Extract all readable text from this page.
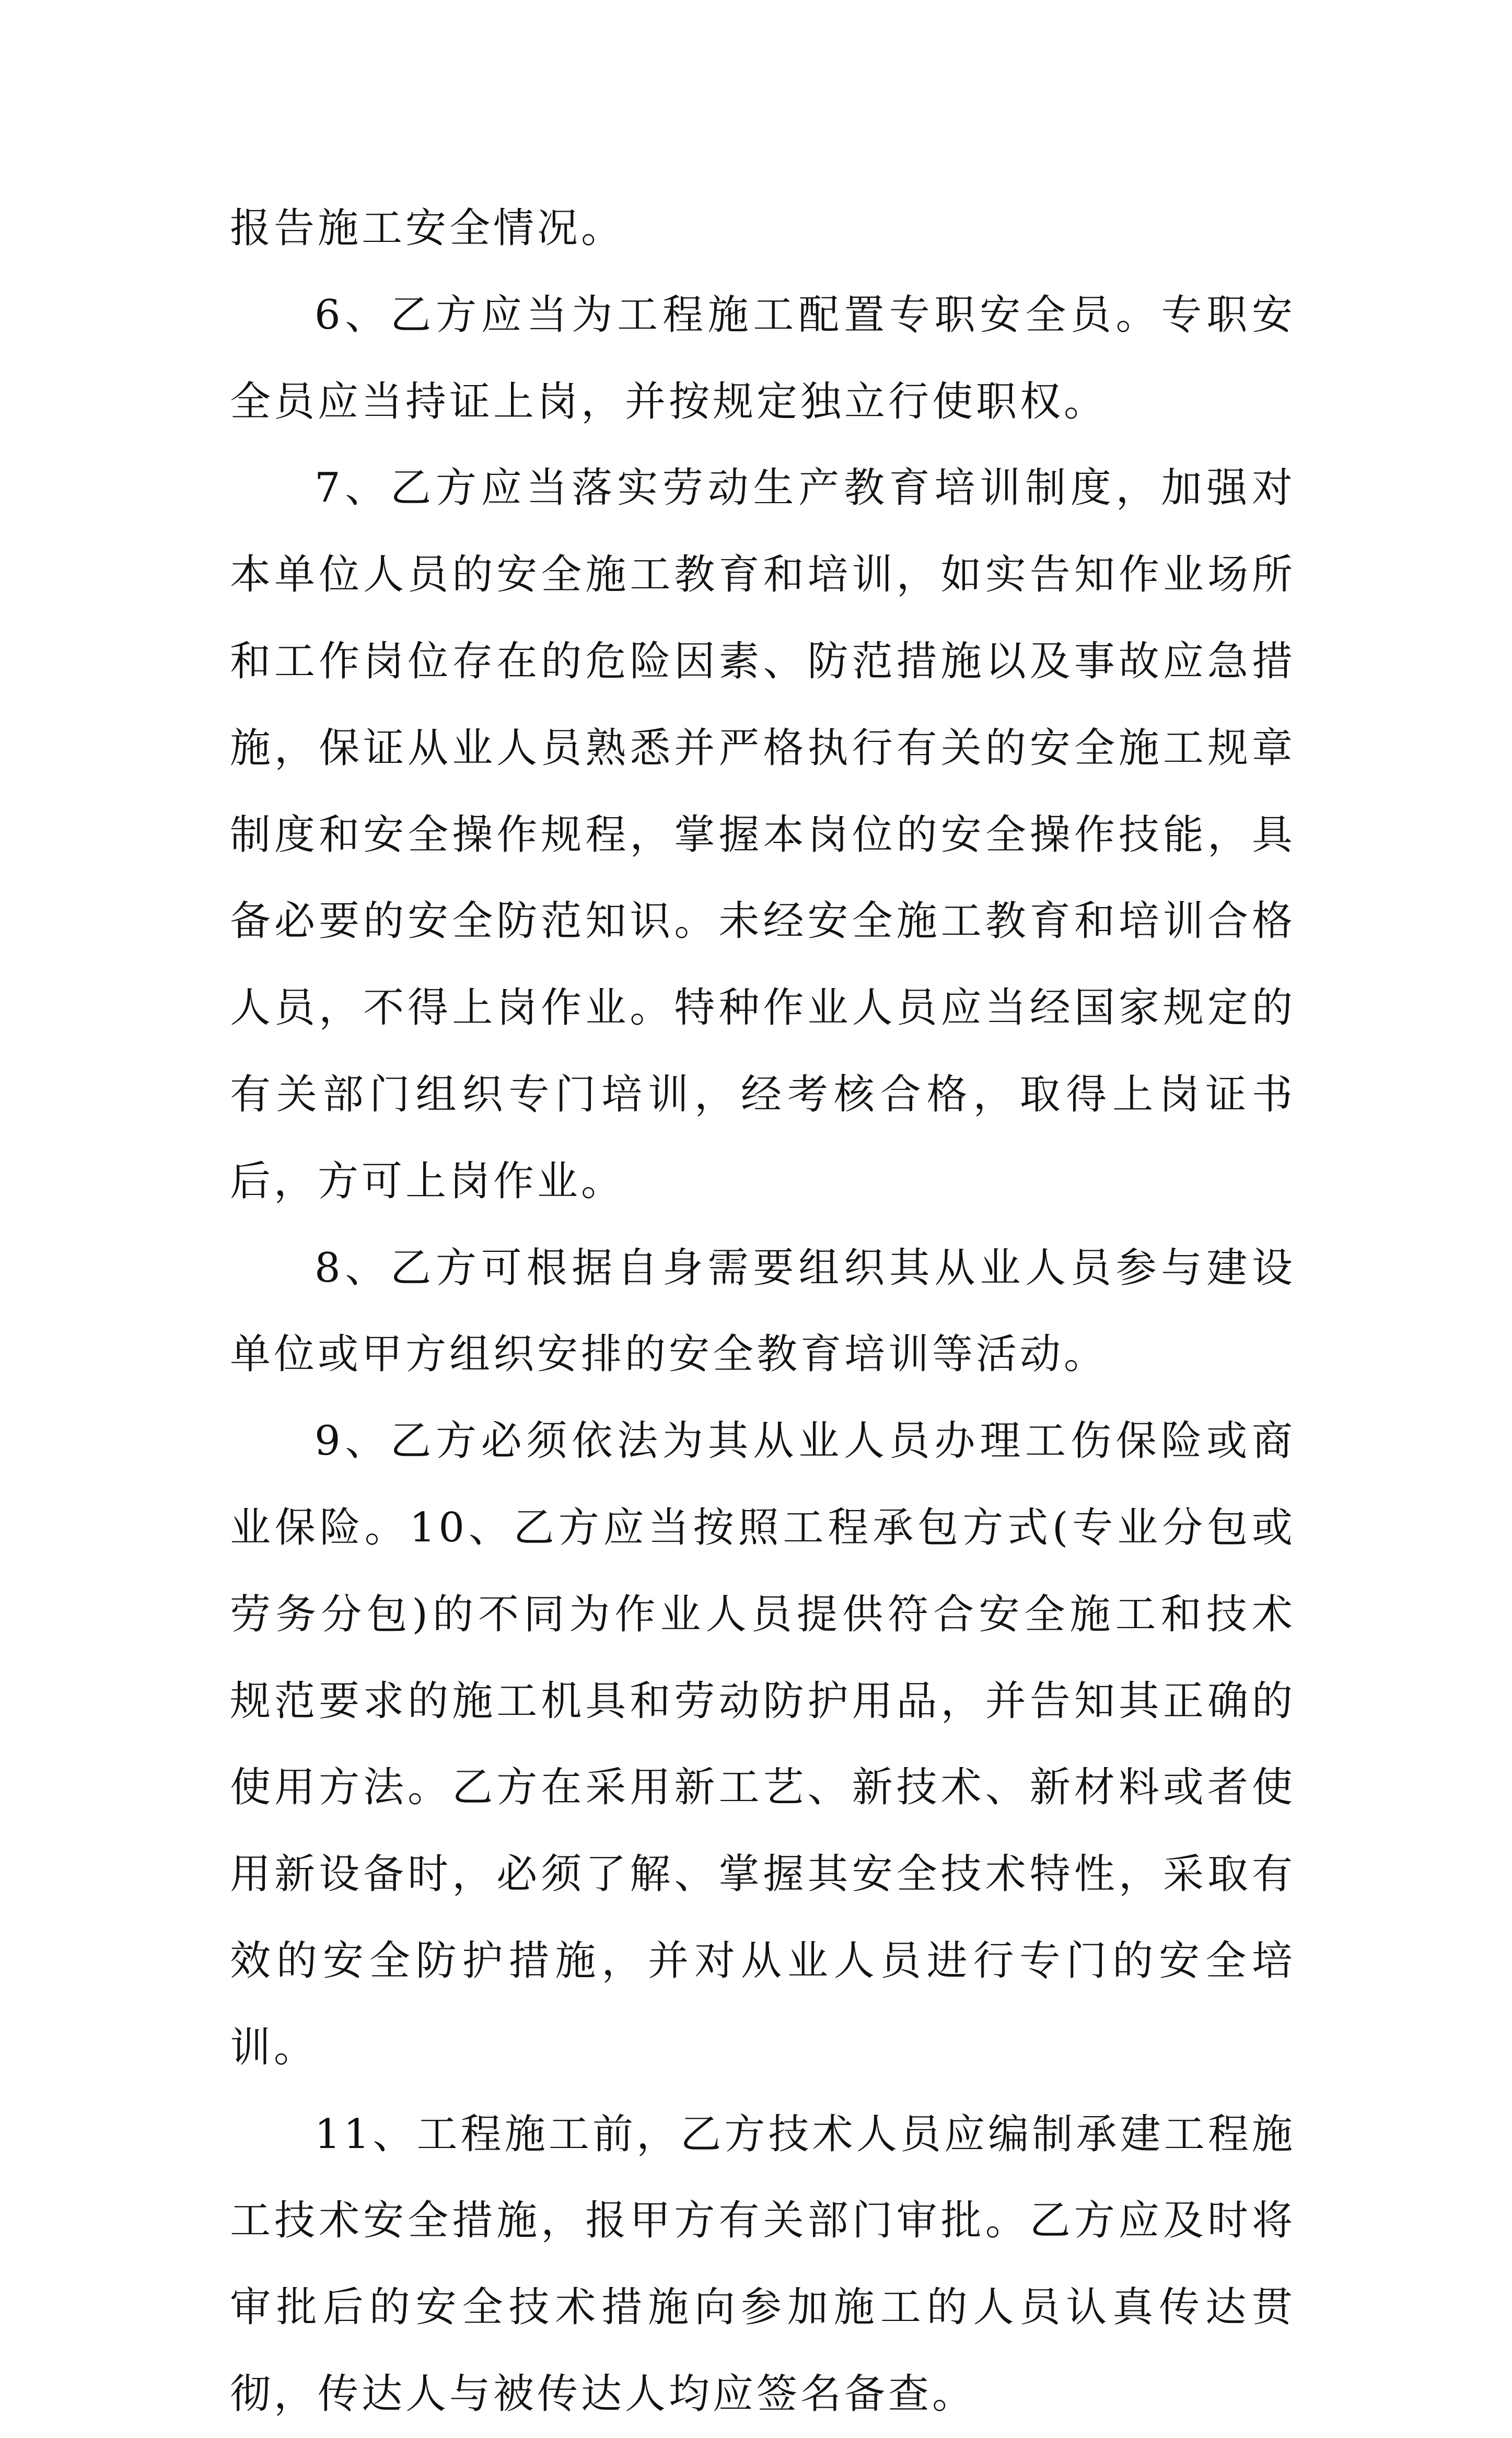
报告施工安全情况。

6、乙方应当为工程施工配置专职安全员。专职安全员应当持证上岗，并按规定独立行使职权。

7、乙方应当落实劳动生产教育培训制度，加强对本单位人员的安全施工教育和培训，如实告知作业场所和工作岗位存在的危险因素、防范措施以及事故应急措施，保证从业人员熟悉并严格执行有关的安全施工规章制度和安全操作规程，掌握本岗位的安全操作技能，具备必要的安全防范知识。未经安全施工教育和培训合格人员，不得上岗作业。特种作业人员应当经国家规定的有关部门组织专门培训，经考核合格，取得上岗证书后，方可上岗作业。

8、乙方可根据自身需要组织其从业人员参与建设单位或甲方组织安排的安全教育培训等活动。

9、乙方必须依法为其从业人员办理工伤保险或商业保险。10、乙方应当按照工程承包方式(专业分包或劳务分包)的不同为作业人员提供符合安全施工和技术规范要求的施工机具和劳动防护用品，并告知其正确的使用方法。乙方在采用新工艺、新技术、新材料或者使用新设备时，必须了解、掌握其安全技术特性，采取有效的安全防护措施，并对从业人员进行专门的安全培训。

11、工程施工前，乙方技术人员应编制承建工程施工技术安全措施，报甲方有关部门审批。乙方应及时将审批后的安全技术措施向参加施工的人员认真传达贯彻，传达人与被传达人均应签名备查。
